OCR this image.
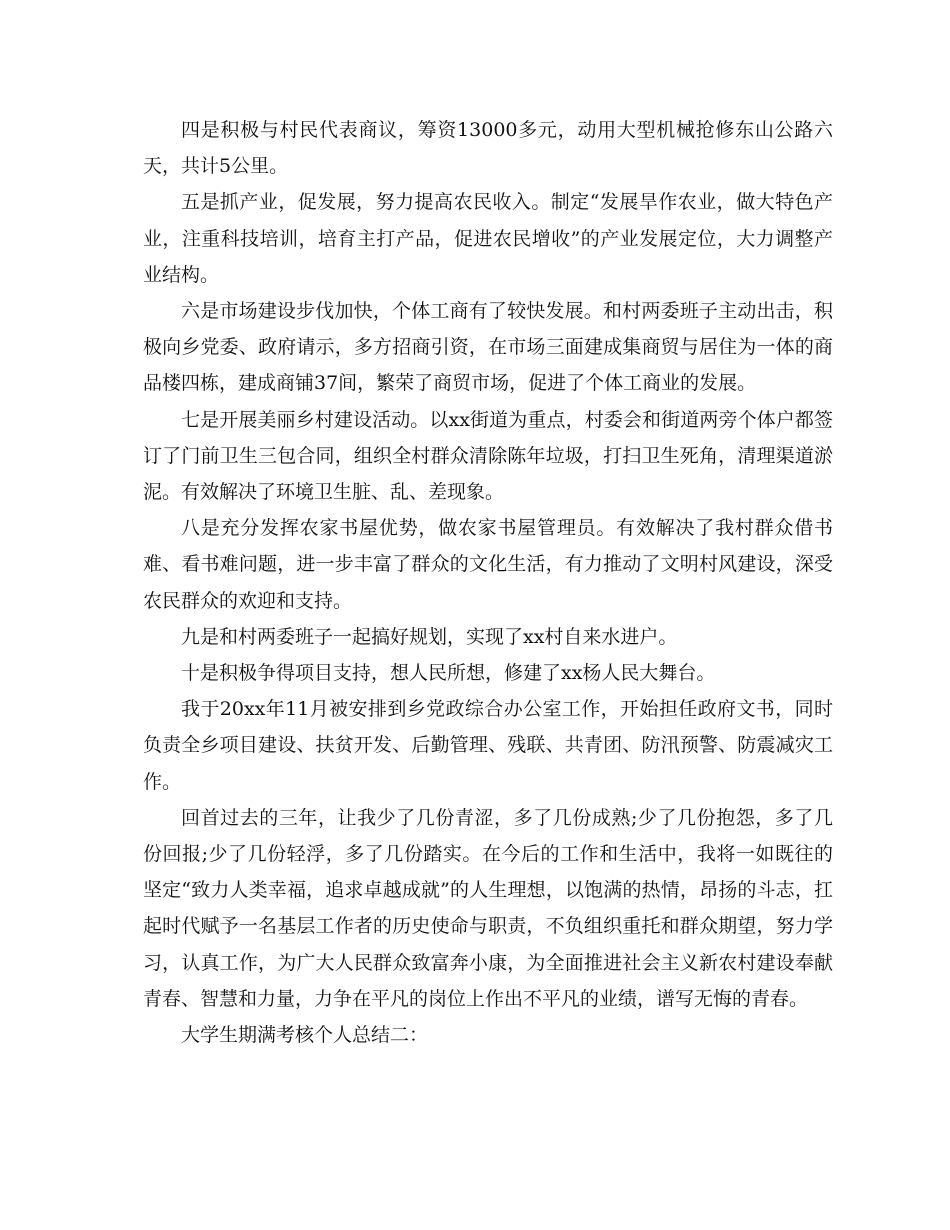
四是积极与村民代表商议，筹资13000多元，动用大型机械抢修东山公路六天，共计5公里。

五是抓产业，促发展，努力提高农民收入。制定“发展旱作农业，做大特色产业，注重科技培训，培育主打产品，促进农民增收”的产业发展定位，大力调整产业结构。

六是市场建设步伐加快，个体工商有了较快发展。和村两委班子主动出击，积极向乡党委、政府请示，多方招商引资，在市场三面建成集商贸与居住为一体的商品楼四栋，建成商铺37间，繁荣了商贸市场，促进了个体工商业的发展。

七是开展美丽乡村建设活动。以xx街道为重点，村委会和街道两旁个体户都签订了门前卫生三包合同，组织全村群众清除陈年垃圾，打扫卫生死角，清理渠道淤泥。有效解决了环境卫生脏、乱、差现象。

八是充分发挥农家书屋优势，做农家书屋管理员。有效解决了我村群众借书难、看书难问题，进一步丰富了群众的文化生活，有力推动了文明村风建设，深受农民群众的欢迎和支持。

九是和村两委班子一起搞好规划，实现了xx村自来水进户。

十是积极争得项目支持，想人民所想，修建了xx杨人民大舞台。

我于20xx年11月被安排到乡党政综合办公室工作，开始担任政府文书，同时负责全乡项目建设、扶贫开发、后勤管理、残联、共青团、防汛预警、防震减灾工作。

回首过去的三年，让我少了几份青涩，多了几份成熟;少了几份抱怨，多了几份回报;少了几份轻浮，多了几份踏实。在今后的工作和生活中，我将一如既往的坚定“致力人类幸福，追求卓越成就”的人生理想，以饱满的热情，昂扬的斗志，扛起时代赋予一名基层工作者的历史使命与职责，不负组织重托和群众期望，努力学习，认真工作，为广大人民群众致富奔小康，为全面推进社会主义新农村建设奉献青春、智慧和力量，力争在平凡的岗位上作出不平凡的业绩，谱写无悔的青春。

大学生期满考核个人总结二：
